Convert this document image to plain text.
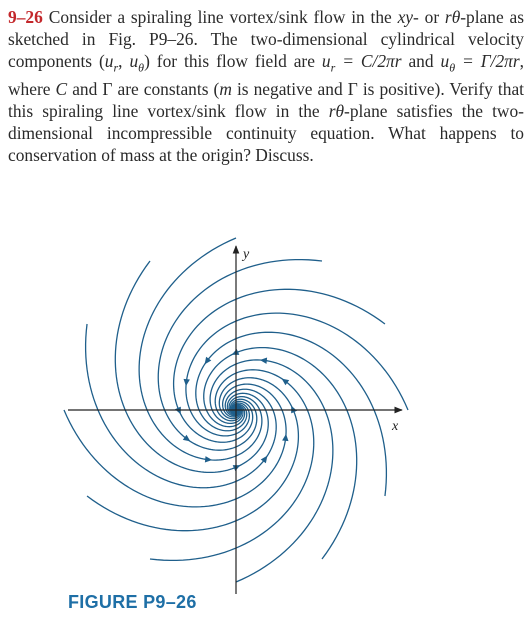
9–26 Consider a spiraling line vortex/sink flow in the xy- or rθ-plane as sketched in Fig. P9–26. The two-dimensional cylindrical velocity components ($u_r$, $u_\theta$) for this flow field are $u_r = C/2\pi r$ and $u_\theta = \Gamma/2\pi r$, where C and Γ are constants (m is negative and Γ is positive). Verify that this spiraling line vortex/sink flow in the rθ-plane satisfies the two-dimensional incompressible continuity equation. What happens to conservation of mass at the origin? Discuss.
x
y
FIGURE P9–26
